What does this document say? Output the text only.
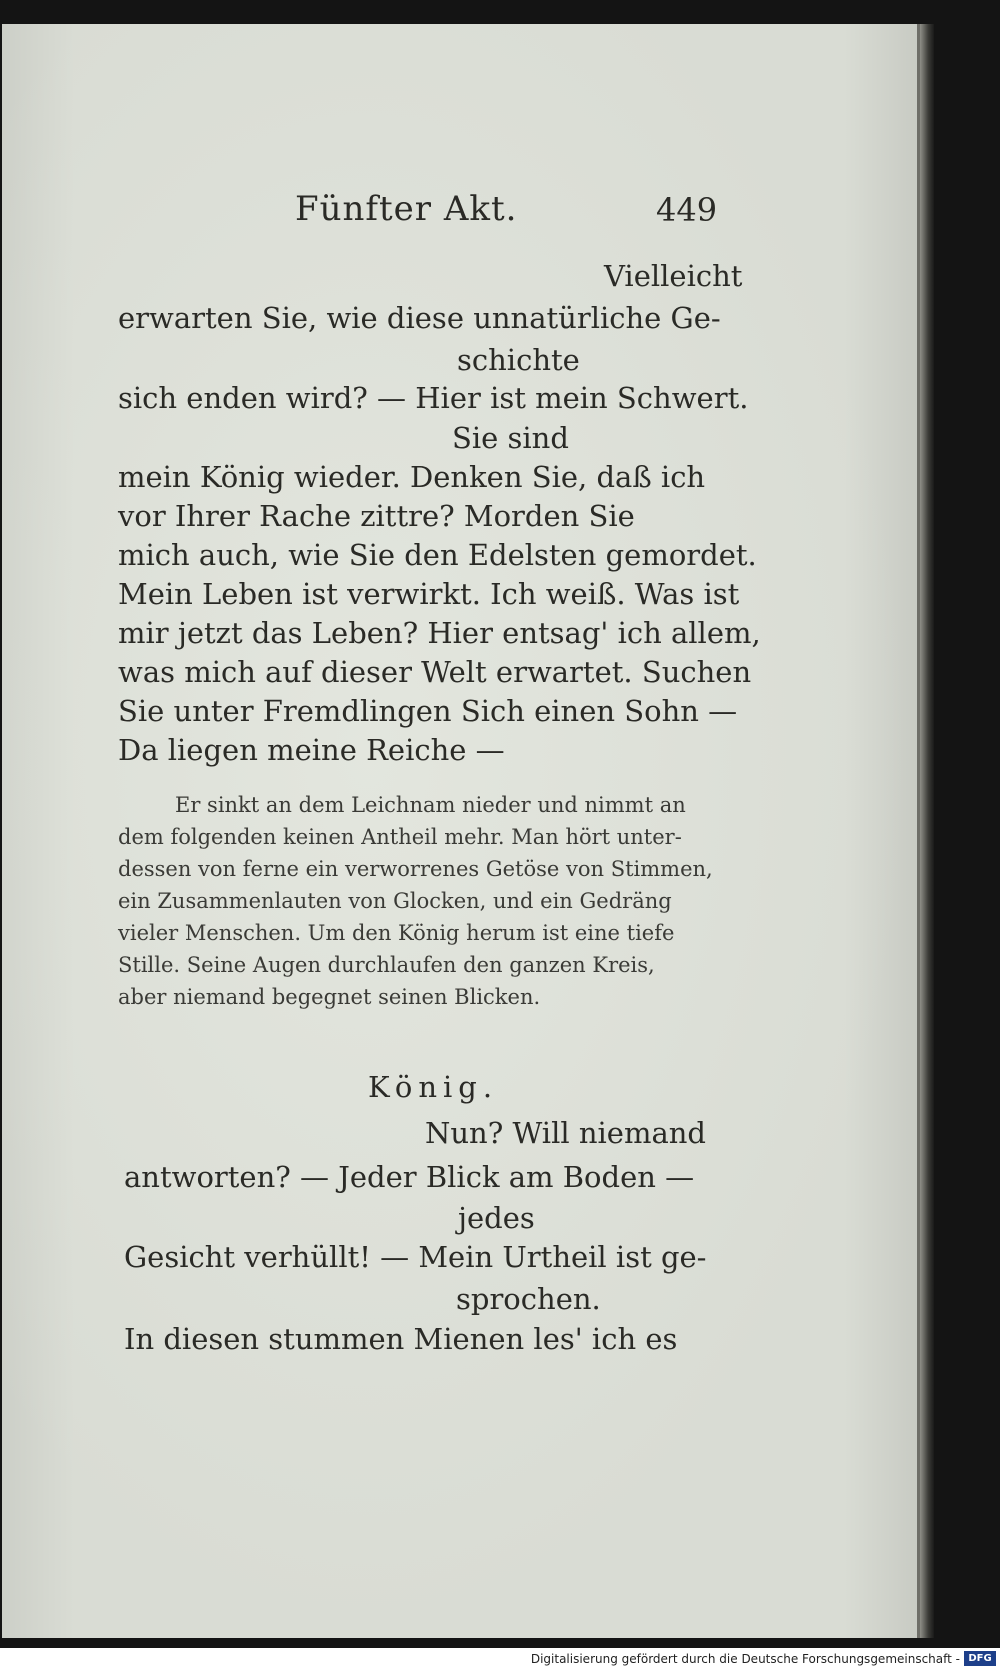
Fünfter Akt.	449
Vielleicht
erwarten Sie, wie diese unnatürliche Ge-
schichte
sich enden wird? — Hier ist mein Schwert.
Sie sind
mein König wieder. Denken Sie, daß ich
vor Ihrer Rache zittre? Morden Sie
mich auch, wie Sie den Edelsten gemordet.
Mein Leben ist verwirkt. Ich weiß. Was ist
mir jetzt das Leben? Hier entsag' ich allem,
was mich auf dieser Welt erwartet. Suchen
Sie unter Fremdlingen Sich einen Sohn —
Da liegen meine Reiche —
Er sinkt an dem Leichnam nieder und nimmt an
dem folgenden keinen Antheil mehr. Man hört unter-
dessen von ferne ein verworrenes Getöse von Stimmen,
ein Zusammenlauten von Glocken, und ein Gedräng
vieler Menschen. Um den König herum ist eine tiefe
Stille. Seine Augen durchlaufen den ganzen Kreis,
aber niemand begegnet seinen Blicken.
König.
Nun? Will niemand
antworten? — Jeder Blick am Boden —
jedes
Gesicht verhüllt! — Mein Urtheil ist ge-
sprochen.
In diesen stummen Mienen les' ich es
Digitalisierung gefördert durch die Deutsche Forschungsgemeinschaft - DFG
